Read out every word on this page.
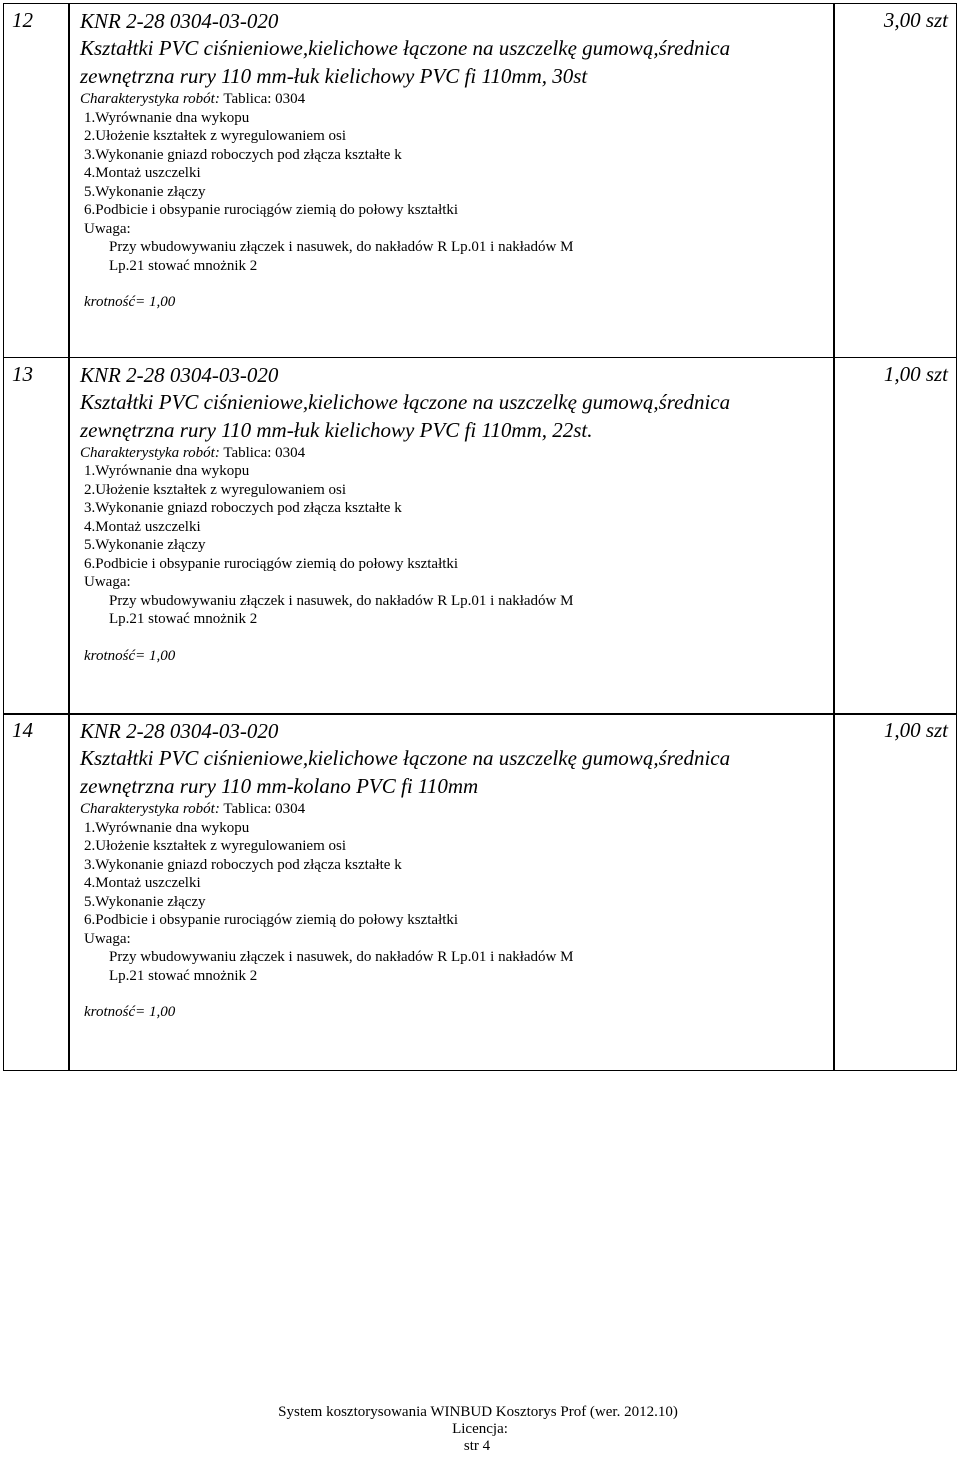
12 KNR 2-28 0304-03-020
Kształtki PVC ciśnieniowe,kielichowe łączone na uszczelkę gumową,średnica
zewnętrzna rury 110 mm-łuk kielichowy PVC fi 110mm, 30st
Charakterystyka robót: Tablica: 0304
1.Wyrównanie dna wykopu
2.Ułożenie kształtek z wyregulowaniem osi
3.Wykonanie gniazd roboczych pod złącza kształte k
4.Montaż uszczelki
5.Wykonanie złączy
6.Podbicie i obsypanie rurociągów ziemią do połowy kształtki
Uwaga:
Przy wbudowywaniu złączek i nasuwek, do nakładów R Lp.01 i nakładów M
Lp.21 stować mnożnik 2
krotność= 1,00
3,00 szt
13 KNR 2-28 0304-03-020
Kształtki PVC ciśnieniowe,kielichowe łączone na uszczelkę gumową,średnica
zewnętrzna rury 110 mm-łuk kielichowy PVC fi 110mm, 22st.
Charakterystyka robót: Tablica: 0304
1.Wyrównanie dna wykopu
2.Ułożenie kształtek z wyregulowaniem osi
3.Wykonanie gniazd roboczych pod złącza kształte k
4.Montaż uszczelki
5.Wykonanie złączy
6.Podbicie i obsypanie rurociągów ziemią do połowy kształtki
Uwaga:
Przy wbudowywaniu złączek i nasuwek, do nakładów R Lp.01 i nakładów M
Lp.21 stować mnożnik 2
krotność= 1,00
1,00 szt
14 KNR 2-28 0304-03-020
Kształtki PVC ciśnieniowe,kielichowe łączone na uszczelkę gumową,średnica
zewnętrzna rury 110 mm-kolano PVC fi 110mm
Charakterystyka robót: Tablica: 0304
1.Wyrównanie dna wykopu
2.Ułożenie kształtek z wyregulowaniem osi
3.Wykonanie gniazd roboczych pod złącza kształte k
4.Montaż uszczelki
5.Wykonanie złączy
6.Podbicie i obsypanie rurociągów ziemią do połowy kształtki
Uwaga:
Przy wbudowywaniu złączek i nasuwek, do nakładów R Lp.01 i nakładów M
Lp.21 stować mnożnik 2
krotność= 1,00
1,00 szt
System kosztorysowania WINBUD Kosztorys Prof (wer. 2012.10)
Licencja:
str 4
